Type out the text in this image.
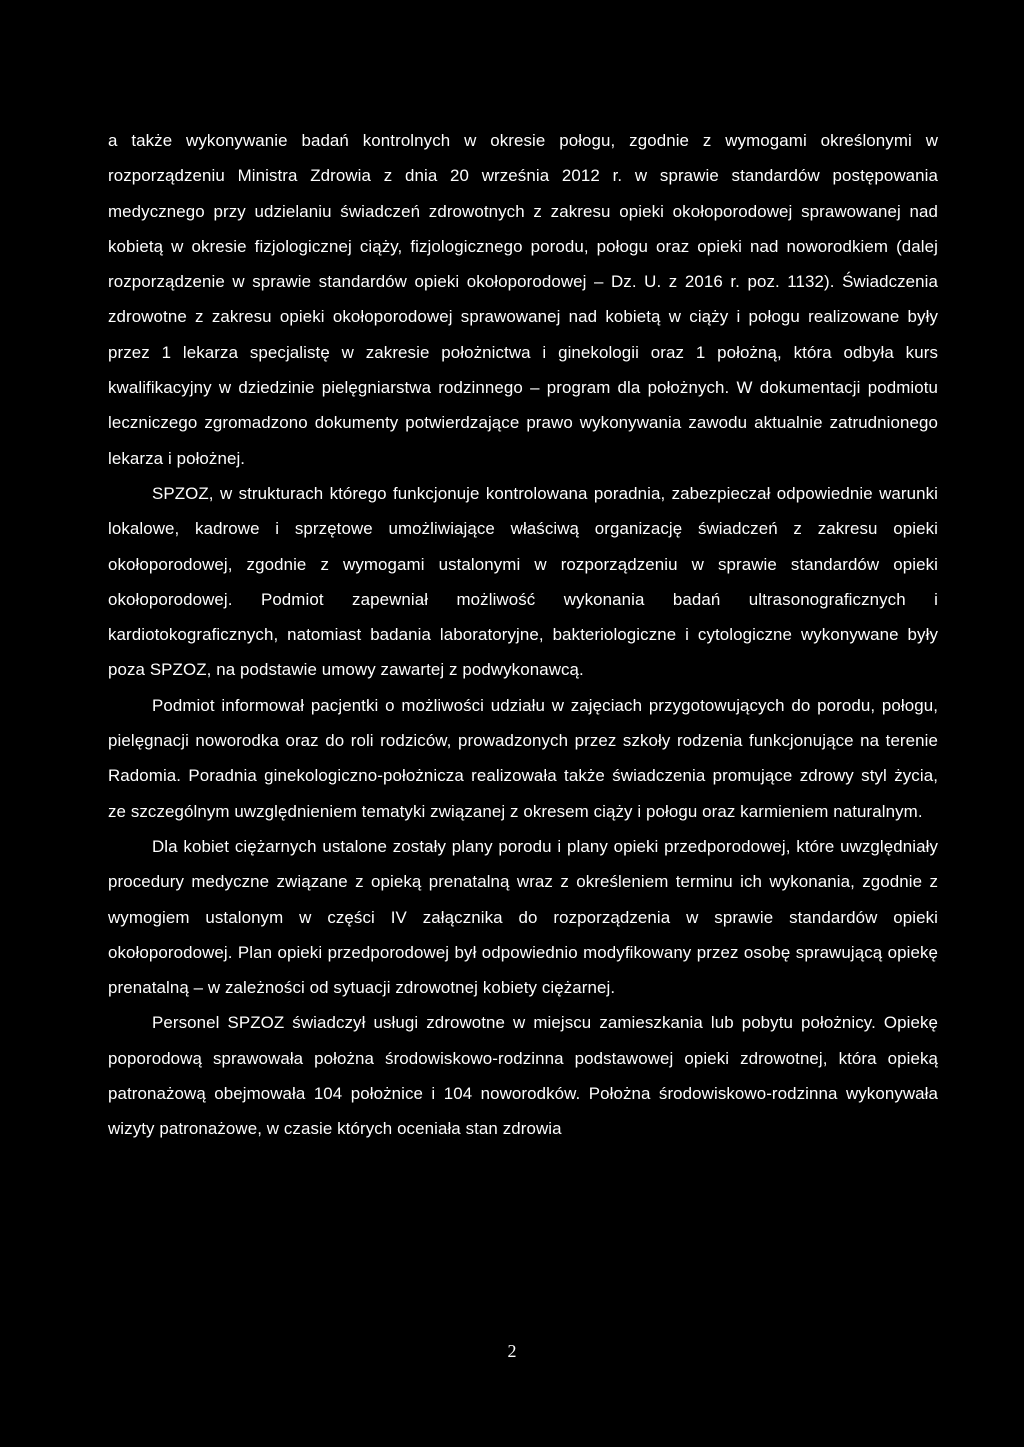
a także wykonywanie badań kontrolnych w okresie połogu, zgodnie z wymogami określonymi w rozporządzeniu Ministra Zdrowia z dnia 20 września 2012 r. w sprawie standardów postępowania medycznego przy udzielaniu świadczeń zdrowotnych z zakresu opieki okołoporodowej sprawowanej nad kobietą w okresie fizjologicznej ciąży, fizjologicznego porodu, połogu oraz opieki nad noworodkiem (dalej rozporządzenie w sprawie standardów opieki okołoporodowej – Dz. U. z 2016 r. poz. 1132). Świadczenia zdrowotne z zakresu opieki okołoporodowej sprawowanej nad kobietą w ciąży i połogu realizowane były przez 1 lekarza specjalistę w zakresie położnictwa i ginekologii oraz 1 położną, która odbyła kurs kwalifikacyjny w dziedzinie pielęgniarstwa rodzinnego – program dla położnych. W dokumentacji podmiotu leczniczego zgromadzono dokumenty potwierdzające prawo wykonywania zawodu aktualnie zatrudnionego lekarza i położnej.

SPZOZ, w strukturach którego funkcjonuje kontrolowana poradnia, zabezpieczał odpowiednie warunki lokalowe, kadrowe i sprzętowe umożliwiające właściwą organizację świadczeń z zakresu opieki okołoporodowej, zgodnie z wymogami ustalonymi w rozporządzeniu w sprawie standardów opieki okołoporodowej. Podmiot zapewniał możliwość wykonania badań ultrasonograficznych i kardiotokograficznych, natomiast badania laboratoryjne, bakteriologiczne i cytologiczne wykonywane były poza SPZOZ, na podstawie umowy zawartej z podwykonawcą.

Podmiot informował pacjentki o możliwości udziału w zajęciach przygotowujących do porodu, połogu, pielęgnacji noworodka oraz do roli rodziców, prowadzonych przez szkoły rodzenia funkcjonujące na terenie Radomia. Poradnia ginekologiczno-położnicza realizowała także świadczenia promujące zdrowy styl życia, ze szczególnym uwzględnieniem tematyki związanej z okresem ciąży i połogu oraz karmieniem naturalnym.

Dla kobiet ciężarnych ustalone zostały plany porodu i plany opieki przedporodowej, które uwzględniały procedury medyczne związane z opieką prenatalną wraz z określeniem terminu ich wykonania, zgodnie z wymogiem ustalonym w części IV załącznika do rozporządzenia w sprawie standardów opieki okołoporodowej. Plan opieki przedporodowej był odpowiednio modyfikowany przez osobę sprawującą opiekę prenatalną – w zależności od sytuacji zdrowotnej kobiety ciężarnej.

Personel SPZOZ świadczył usługi zdrowotne w miejscu zamieszkania lub pobytu położnicy. Opiekę poporodową sprawowała położna środowiskowo-rodzinna podstawowej opieki zdrowotnej, która opieką patronażową obejmowała 104 położnice i 104 noworodków. Położna środowiskowo-rodzinna wykonywała wizyty patronażowe, w czasie których oceniała stan zdrowia

2
